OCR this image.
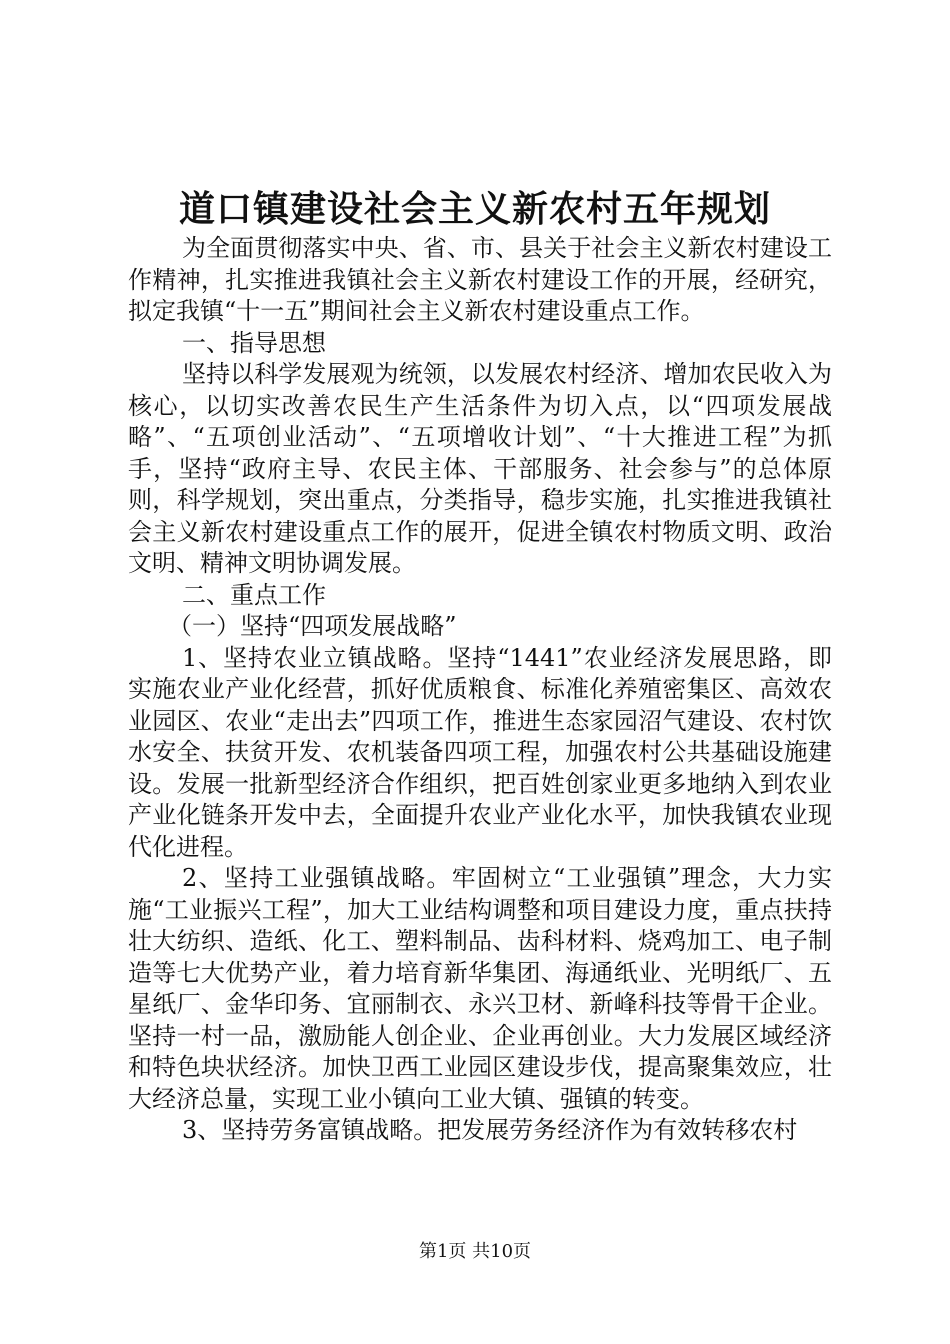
道口镇建设社会主义新农村五年规划

为全面贯彻落实中央、省、市、县关于社会主义新农村建设工作精神，扎实推进我镇社会主义新农村建设工作的开展，经研究，拟定我镇“十一五”期间社会主义新农村建设重点工作。

一、指导思想

坚持以科学发展观为统领，以发展农村经济、增加农民收入为核心，以切实改善农民生产生活条件为切入点，以“四项发展战略”、“五项创业活动”、“五项增收计划”、“十大推进工程”为抓手，坚持“政府主导、农民主体、干部服务、社会参与”的总体原则，科学规划，突出重点，分类指导，稳步实施，扎实推进我镇社会主义新农村建设重点工作的展开，促进全镇农村物质文明、政治文明、精神文明协调发展。

二、重点工作

（一）坚持“四项发展战略”

1、坚持农业立镇战略。坚持“1441”农业经济发展思路，即实施农业产业化经营，抓好优质粮食、标准化养殖密集区、高效农业园区、农业“走出去”四项工作，推进生态家园沼气建设、农村饮水安全、扶贫开发、农机装备四项工程，加强农村公共基础设施建设。发展一批新型经济合作组织，把百姓创家业更多地纳入到农业产业化链条开发中去，全面提升农业产业化水平，加快我镇农业现代化进程。

2、坚持工业强镇战略。牢固树立“工业强镇”理念，大力实施“工业振兴工程”，加大工业结构调整和项目建设力度，重点扶持壮大纺织、造纸、化工、塑料制品、齿科材料、烧鸡加工、电子制造等七大优势产业，着力培育新华集团、海通纸业、光明纸厂、五星纸厂、金华印务、宜丽制衣、永兴卫材、新峰科技等骨干企业。坚持一村一品，激励能人创企业、企业再创业。大力发展区域经济和特色块状经济。加快卫西工业园区建设步伐，提高聚集效应，壮大经济总量，实现工业小镇向工业大镇、强镇的转变。

3、坚持劳务富镇战略。把发展劳务经济作为有效转移农村

第1页 共10页
